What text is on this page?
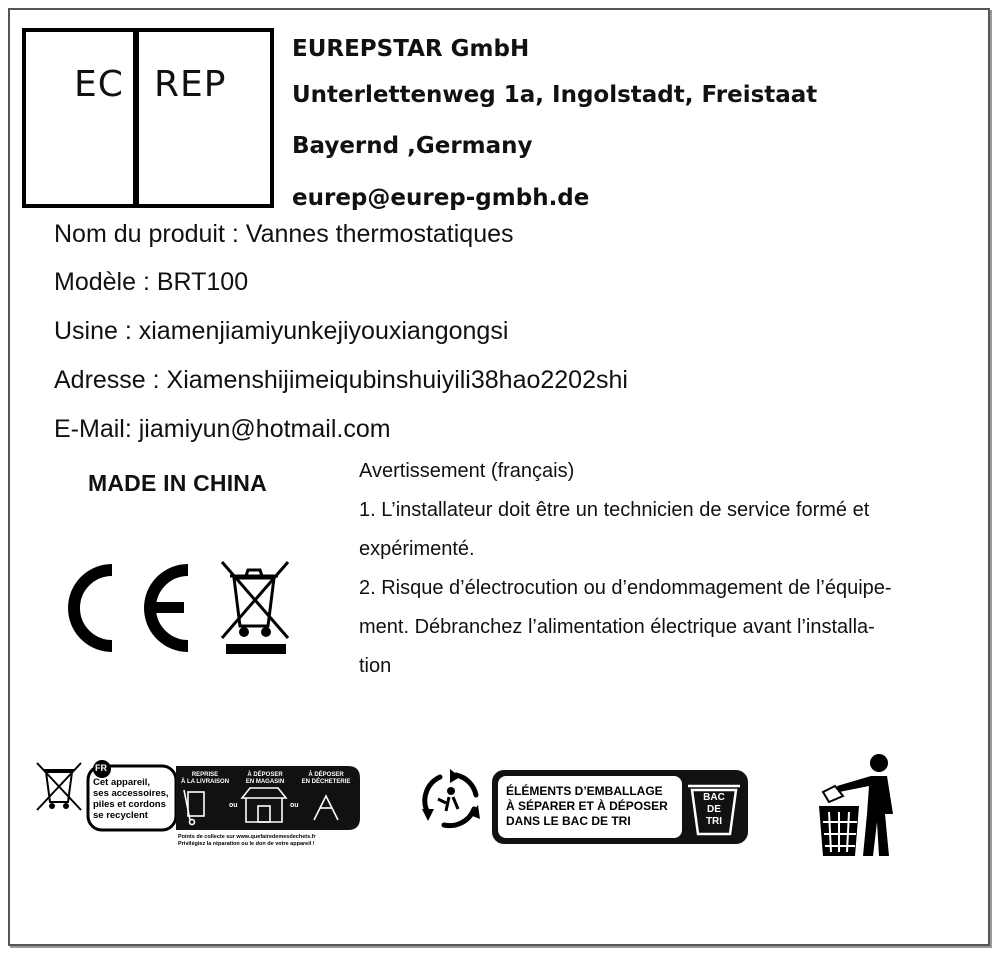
EC REP
EUREPSTAR GmbH
Unterlettenweg 1a, Ingolstadt, Freistaat
Bayernd ,Germany
eurep@eurep-gmbh.de
Nom du produit : Vannes thermostatiques
Modèle : BRT100
Usine : xiamenjiamiyunkejiyouxiangongsi
Adresse : Xiamenshijimeiqubinshuiyili38hao2202shi
E-Mail: jiamiyun@hotmail.com
MADE IN CHINA	Avertissement (français)
1. L’installateur doit être un technicien de service formé et
expérimenté.
2. Risque d’électrocution ou d’endommagement de l’équipe-
ment. Débranchez l’alimentation électrique avant l’installa-
tion
FR
Cet appareil,
ses accessoires,
piles et cordons
se recyclent
REPRISE
À LA LIVRAISON
À DÉPOSER
EN MAGASIN
À DÉPOSER
EN DÉCHETERIE
ou	ou
Points de collecte sur www.quefairedemesdechets.fr
Privilégiez la réparation ou le don de votre appareil !
ÉLÉMENTS D’EMBALLAGE
À SÉPARER ET À DÉPOSER
DANS LE BAC DE TRI
BAC
DE
TRI
